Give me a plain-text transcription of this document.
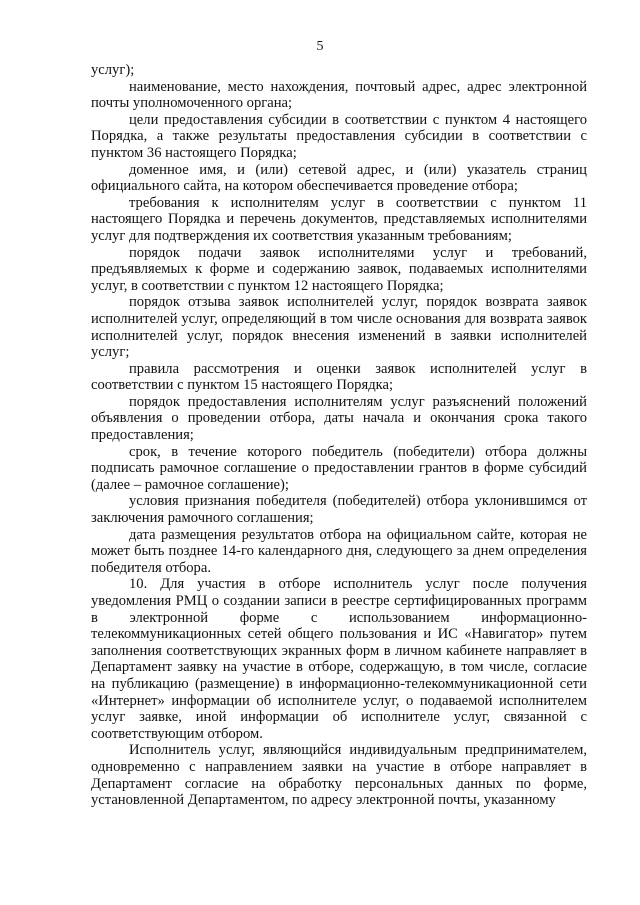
5

услуг);

наименование, место нахождения, почтовый адрес, адрес электронной почты уполномоченного органа;

цели предоставления субсидии в соответствии с пунктом 4 настоящего Порядка, а также результаты предоставления субсидии в соответствии с пунктом 36 настоящего Порядка;

доменное имя, и (или) сетевой адрес, и (или) указатель страниц официального сайта, на котором обеспечивается проведение отбора;

требования к исполнителям услуг в соответствии с пунктом 11 настоящего Порядка и перечень документов, представляемых исполнителями услуг для подтверждения их соответствия указанным требованиям;

порядок подачи заявок исполнителями услуг и требований, предъявляемых к форме и содержанию заявок, подаваемых исполнителями услуг, в соответствии с пунктом 12 настоящего Порядка;

порядок отзыва заявок исполнителей услуг, порядок возврата заявок исполнителей услуг, определяющий в том числе основания для возврата заявок исполнителей услуг, порядок внесения изменений в заявки исполнителей услуг;

правила рассмотрения и оценки заявок исполнителей услуг в соответствии с пунктом 15 настоящего Порядка;

порядок предоставления исполнителям услуг разъяснений положений объявления о проведении отбора, даты начала и окончания срока такого предоставления;

срок, в течение которого победитель (победители) отбора должны подписать рамочное соглашение о предоставлении грантов в форме субсидий (далее – рамочное соглашение);

условия признания победителя (победителей) отбора уклонившимся от заключения рамочного соглашения;

дата размещения результатов отбора на официальном сайте, которая не может быть позднее 14-го календарного дня, следующего за днем определения победителя отбора.

10. Для участия в отборе исполнитель услуг после получения уведомления РМЦ о создании записи в реестре сертифицированных программ в электронной форме с использованием информационно-телекоммуникационных сетей общего пользования и ИС «Навигатор» путем заполнения соответствующих экранных форм в личном кабинете направляет в Департамент заявку на участие в отборе, содержащую, в том числе, согласие на публикацию (размещение) в информационно-телекоммуникационной сети «Интернет» информации об исполнителе услуг, о подаваемой исполнителем услуг заявке, иной информации об исполнителе услуг, связанной с соответствующим отбором.

Исполнитель услуг, являющийся индивидуальным предпринимателем, одновременно с направлением заявки на участие в отборе направляет в Департамент согласие на обработку персональных данных по форме, установленной Департаментом, по адресу электронной почты, указанному
